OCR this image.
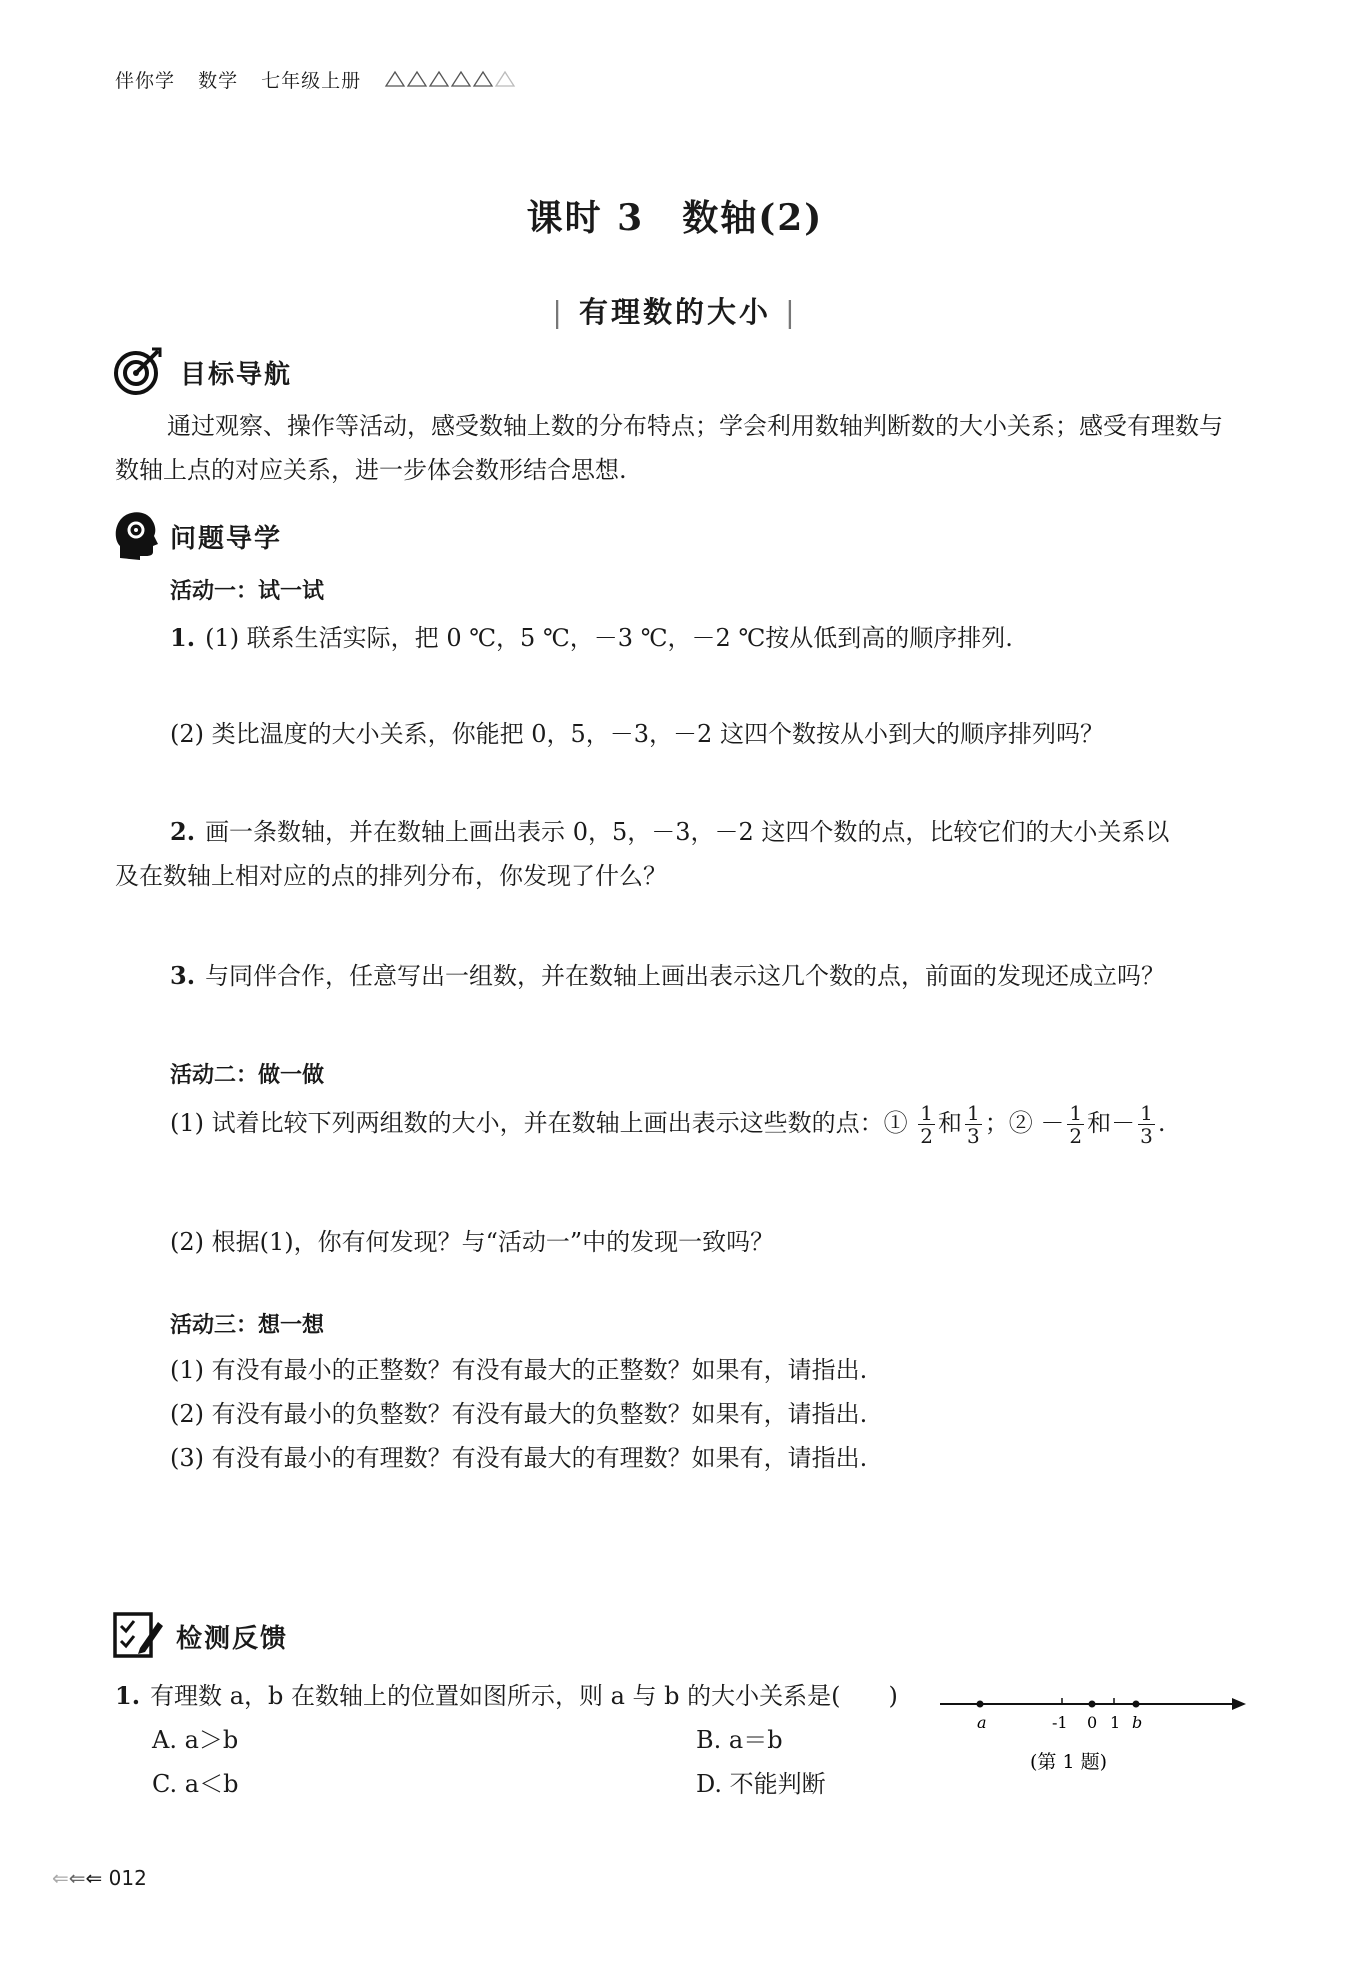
伴你学 数学 七年级上册
课时 3　数轴(2)
| 有理数的大小 |
目标导航
通过观察、操作等活动，感受数轴上数的分布特点；学会利用数轴判断数的大小关系；感受有理数与数轴上点的对应关系，进一步体会数形结合思想.
问题导学
活动一：试一试
1. (1) 联系生活实际，把 0 ℃，5 ℃，－3 ℃，－2 ℃按从低到高的顺序排列.
(2) 类比温度的大小关系，你能把 0，5，－3，－2 这四个数按从小到大的顺序排列吗？
2. 画一条数轴，并在数轴上画出表示 0，5，－3，－2 这四个数的点，比较它们的大小关系以
及在数轴上相对应的点的排列分布，你发现了什么？
3. 与同伴合作，任意写出一组数，并在数轴上画出表示这几个数的点，前面的发现还成立吗？
活动二：做一做
(1) 试着比较下列两组数的大小，并在数轴上画出表示这些数的点：① $\frac{1}{2}$ 和 $\frac{1}{3}$ ；② － $\frac{1}{2}$ 和－ $\frac{1}{3}$ .
(2) 根据(1)，你有何发现？与“活动一”中的发现一致吗？
活动三：想一想
(1) 有没有最小的正整数？有没有最大的正整数？如果有，请指出.
(2) 有没有最小的负整数？有没有最大的负整数？如果有，请指出.
(3) 有没有最小的有理数？有没有最大的有理数？如果有，请指出.
检测反馈
1. 有理数 a，b 在数轴上的位置如图所示，则 a 与 b 的大小关系是(　　)
A. a＞b	B. a＝b
C. a＜b	D. 不能判断
a	-1 0 1 b
(第 1 题)
⇐⇐⇐ 012
